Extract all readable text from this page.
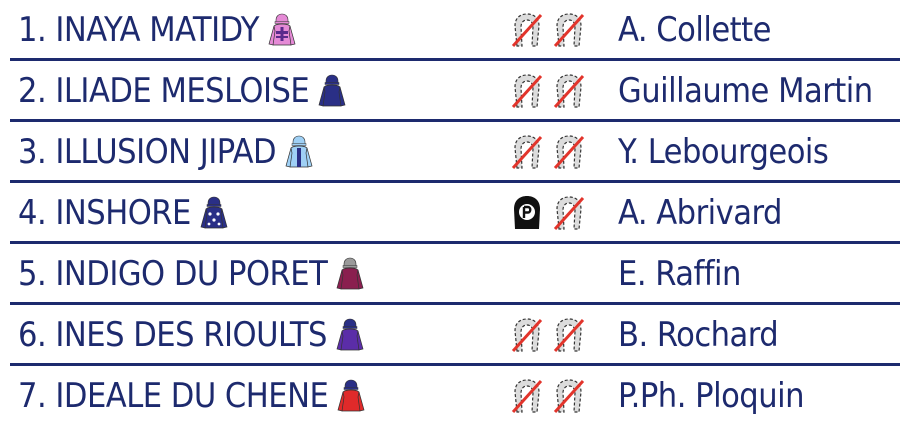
1. INAYA MATIDY	A. Collette
2. ILIADE MESLOISE	Guillaume Martin
3. ILLUSION JIPAD	Y. Lebourgeois
4. INSHORE	A. Abrivard
5. INDIGO DU PORET	E. Raffin
6. INES DES RIOULTS	B. Rochard
7. IDEALE DU CHENE	P.Ph. Ploquin
